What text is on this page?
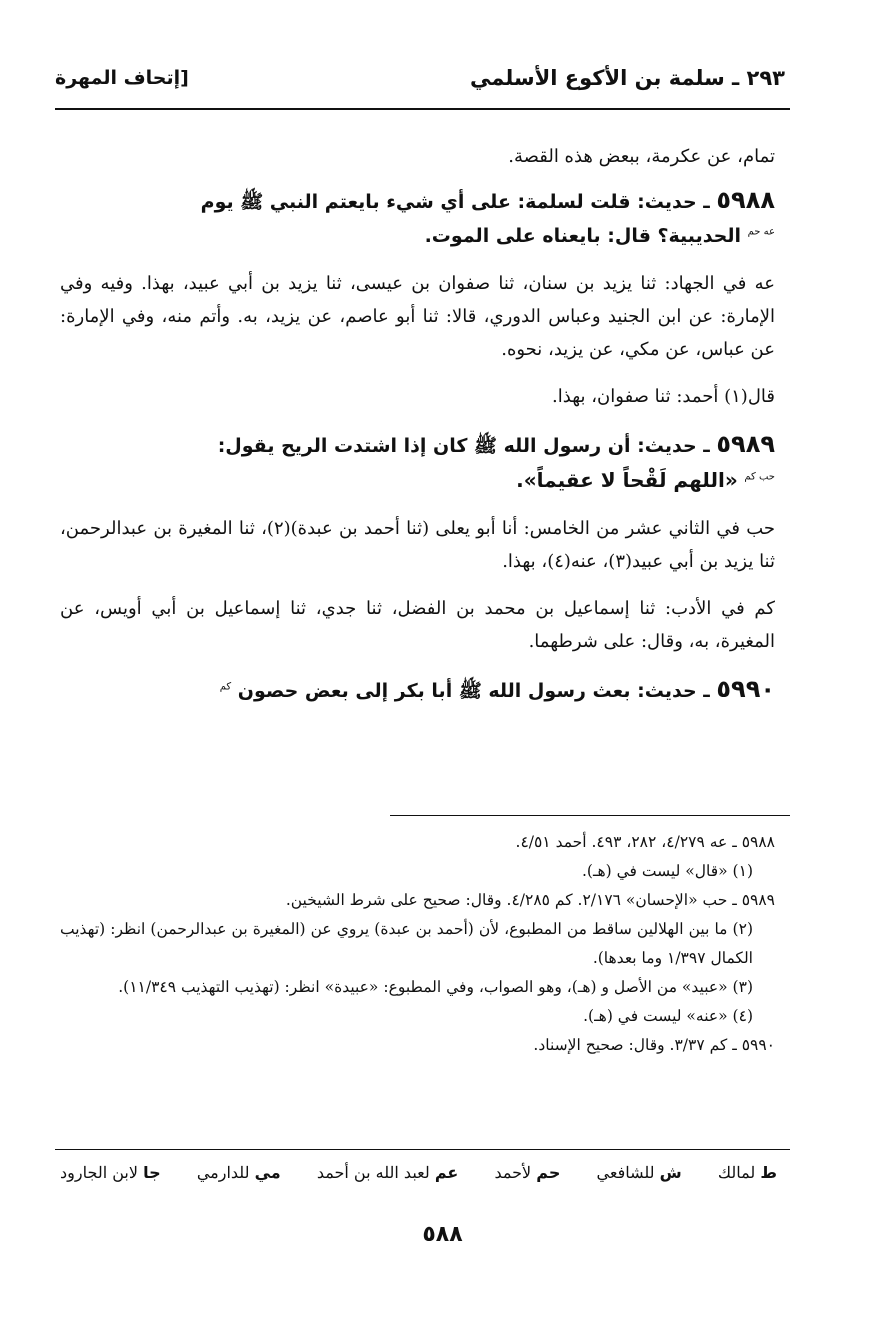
٢٩٣ ـ سلمة بن الأكوع الأسلمي
[إتحاف المهرة

تمام، عن عكرمة، ببعض هذه القصة.

٥٩٨٨ ـ حديث: قلت لسلمة: على أي شيء بايعتم النبي ﷺ يوم
$^{عه حم}$ الحديبية؟ قال: بايعناه على الموت.

عه في الجهاد: ثنا يزيد بن سنان، ثنا صفوان بن عيسى، ثنا يزيد بن أبي عبيد، بهذا. وفيه وفي الإمارة: عن ابن الجنيد وعباس الدوري، قالا: ثنا أبو عاصم، عن يزيد، به. وأتم منه، وفي الإمارة: عن عباس، عن مكي، عن يزيد، نحوه.

قال(١) أحمد: ثنا صفوان، بهذا.

٥٩٨٩ ـ حديث: أن رسول الله ﷺ كان إذا اشتدت الريح يقول:
$^{حب كم}$ «اللهم لَقْحاً لا عقيماً».

حب في الثاني عشر من الخامس: أنا أبو يعلى (ثنا أحمد بن عبدة)(٢)، ثنا المغيرة بن عبدالرحمن، ثنا يزيد بن أبي عبيد(٣)، عنه(٤)، بهذا.

كم في الأدب: ثنا إسماعيل بن محمد بن الفضل، ثنا جدي، ثنا إسماعيل بن أبي أويس، عن المغيرة، به، وقال: على شرطهما.

٥٩٩٠ ـ حديث: بعث رسول الله ﷺ أبا بكر إلى بعض حصون $^{كم}$

٥٩٨٨ ـ عه ٤/٢٧٩، ٢٨٢، ٤٩٣. أحمد ٤/٥١.

(١) «قال» ليست في (هـ).

٥٩٨٩ ـ حب «الإحسان» ٢/١٧٦. كم ٤/٢٨٥. وقال: صحيح على شرط الشيخين.

(٢) ما بين الهلالين ساقط من المطبوع، لأن (أحمد بن عبدة) يروي عن (المغيرة بن عبدالرحمن) انظر: (تهذيب الكمال ١/٣٩٧ وما بعدها).

(٣) «عبيد» من الأصل و (هـ)، وهو الصواب، وفي المطبوع: «عبيدة» انظر: (تهذيب التهذيب ١١/٣٤٩).

(٤) «عنه» ليست في (هـ).

٥٩٩٠ ـ كم ٣/٣٧. وقال: صحيح الإسناد.

ط لمالك
ش للشافعي
حم لأحمد
عم لعبد الله بن أحمد
مي للدارمي
جا لابن الجارود
٥٨٨
